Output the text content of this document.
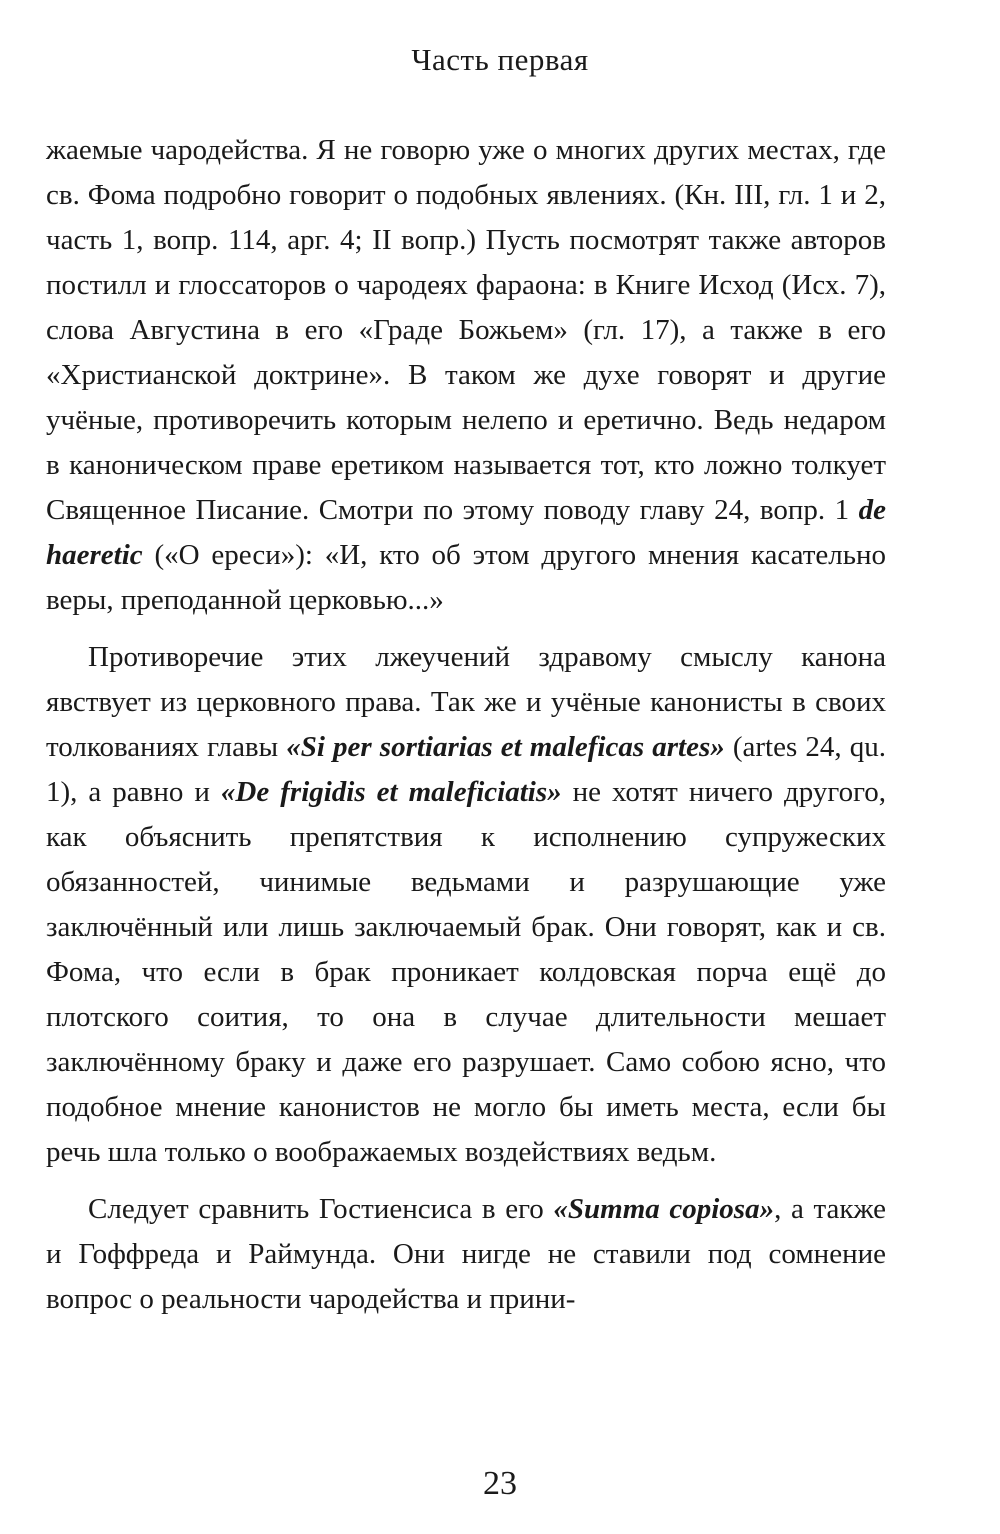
Часть первая

жаемые чародейства. Я не говорю уже о многих других местах, где св. Фома подробно говорит о подобных явлениях. (Кн. III, гл. 1 и 2, часть 1, вопр. 114, арг. 4; II вопр.) Пусть посмотрят также авторов постилл и глоссаторов о чародеях фараона: в Книге Исход (Исх. 7), слова Августина в его «Граде Божьем» (гл. 17), а также в его «Христианской доктрине». В таком же духе говорят и другие учёные, противоречить которым нелепо и еретично. Ведь недаром в каноническом праве еретиком называется тот, кто ложно толкует Священное Писание. Смотри по этому поводу главу 24, вопр. 1 de haeretic («О ереси»): «И, кто об этом другого мнения касательно веры, преподанной церковью...»

Противоречие этих лжеучений здравому смыслу канона явствует из церковного права. Так же и учёные канонисты в своих толкованиях главы «Si per sortiarias et maleficas artes» (artes 24, qu. 1), а равно и «De frigidis et maleficiatis» не хотят ничего другого, как объяснить препятствия к исполнению супружеских обязанностей, чинимые ведьмами и разрушающие уже заключённый или лишь заключаемый брак. Они говорят, как и св. Фома, что если в брак проникает колдовская порча ещё до плотского соития, то она в случае длительности мешает заключённому браку и даже его разрушает. Само собою ясно, что подобное мнение канонистов не могло бы иметь места, если бы речь шла только о воображаемых воздействиях ведьм.

Следует сравнить Гостиенсиса в его «Summa copiosa», а также и Гоффреда и Раймунда. Они нигде не ставили под сомнение вопрос о реальности чародейства и прини-

23
